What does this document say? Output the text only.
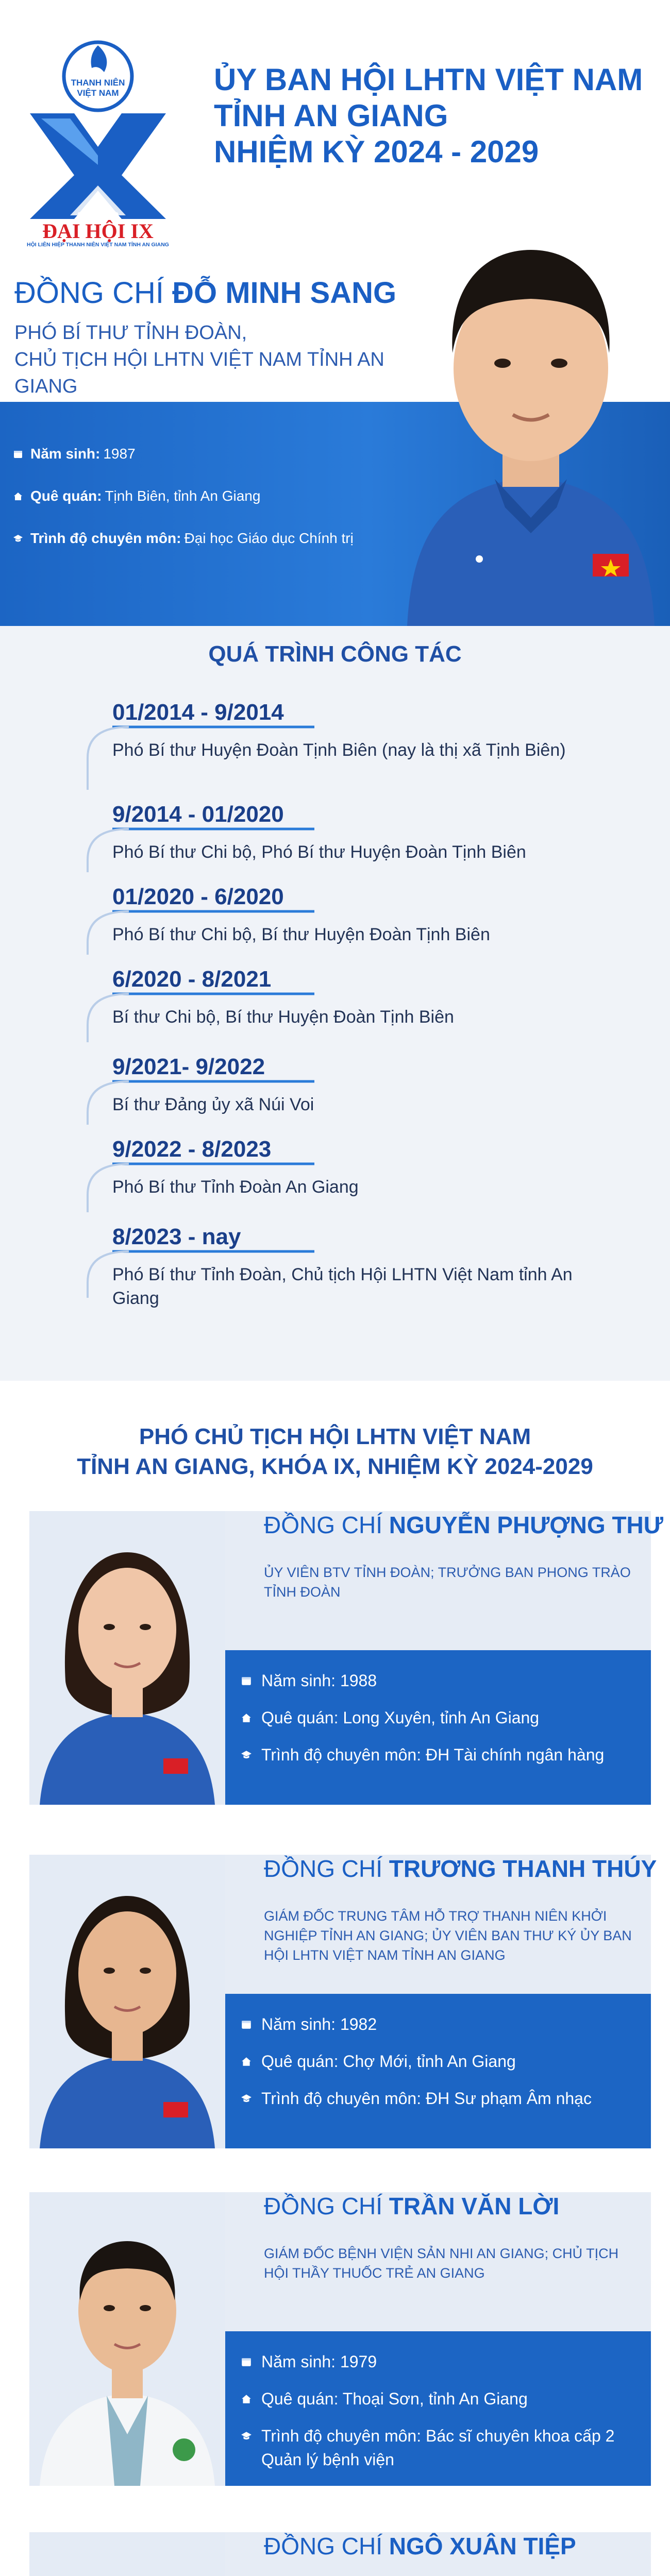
THANH NIÊN
VIỆT NAM
2024 - 2029
ĐẠI HỘI IX
HỘI LIÊN HIỆP THANH NIÊN VIỆT NAM TỈNH AN GIANG
ỦY BAN HỘI LHTN VIỆT NAM
TỈNH AN GIANG
NHIỆM KỲ 2024 - 2029
ĐỒNG CHÍ ĐỖ MINH SANG
PHÓ BÍ THƯ TỈNH ĐOÀN,
CHỦ TỊCH HỘI LHTN VIỆT NAM TỈNH AN GIANG
Năm sinh: 1987
Quê quán: Tịnh Biên, tỉnh An Giang
Trình độ chuyên môn: Đại học Giáo dục Chính trị
QUÁ TRÌNH CÔNG TÁC
01/2014 - 9/2014
Phó Bí thư Huyện Đoàn Tịnh Biên (nay là thị xã Tịnh Biên)
9/2014 - 01/2020
Phó Bí thư Chi bộ, Phó Bí thư Huyện Đoàn Tịnh Biên
01/2020 - 6/2020
Phó Bí thư Chi bộ, Bí thư Huyện Đoàn Tịnh Biên
6/2020 - 8/2021
Bí thư Chi bộ, Bí thư Huyện Đoàn Tịnh Biên
9/2021- 9/2022
Bí thư Đảng ủy xã Núi Voi
9/2022 - 8/2023
Phó Bí thư Tỉnh Đoàn An Giang
8/2023 - nay
Phó Bí thư Tỉnh Đoàn, Chủ tịch Hội LHTN Việt Nam tỉnh An Giang
PHÓ CHỦ TỊCH HỘI LHTN VIỆT NAM
TỈNH AN GIANG, KHÓA IX, NHIỆM KỲ 2024-2029
ĐỒNG CHÍ NGUYỄN PHƯỢNG THƯ
ỦY VIÊN BTV TỈNH ĐOÀN; TRƯỞNG BAN PHONG TRÀO TỈNH ĐOÀN
Năm sinh: 1988
Quê quán: Long Xuyên, tỉnh An Giang
Trình độ chuyên môn: ĐH Tài chính ngân hàng
ĐỒNG CHÍ TRƯƠNG THANH THÚY
GIÁM ĐỐC TRUNG TÂM HỖ TRỢ THANH NIÊN KHỞI NGHIỆP TỈNH AN GIANG; ỦY VIÊN BAN THƯ KÝ ỦY BAN HỘI LHTN VIỆT NAM TỈNH AN GIANG
Năm sinh: 1982
Quê quán: Chợ Mới, tỉnh An Giang
Trình độ chuyên môn: ĐH Sư phạm Âm nhạc
ĐỒNG CHÍ TRẦN VĂN LỜI
GIÁM ĐỐC BỆNH VIỆN SẢN NHI AN GIANG; CHỦ TỊCH HỘI THẦY THUỐC TRẺ AN GIANG
Năm sinh: 1979
Quê quán: Thoại Sơn, tỉnh An Giang
Trình độ chuyên môn: Bác sĩ chuyên khoa cấp 2 Quản lý bệnh viện
ĐỒNG CHÍ NGÔ XUÂN TIỆP
